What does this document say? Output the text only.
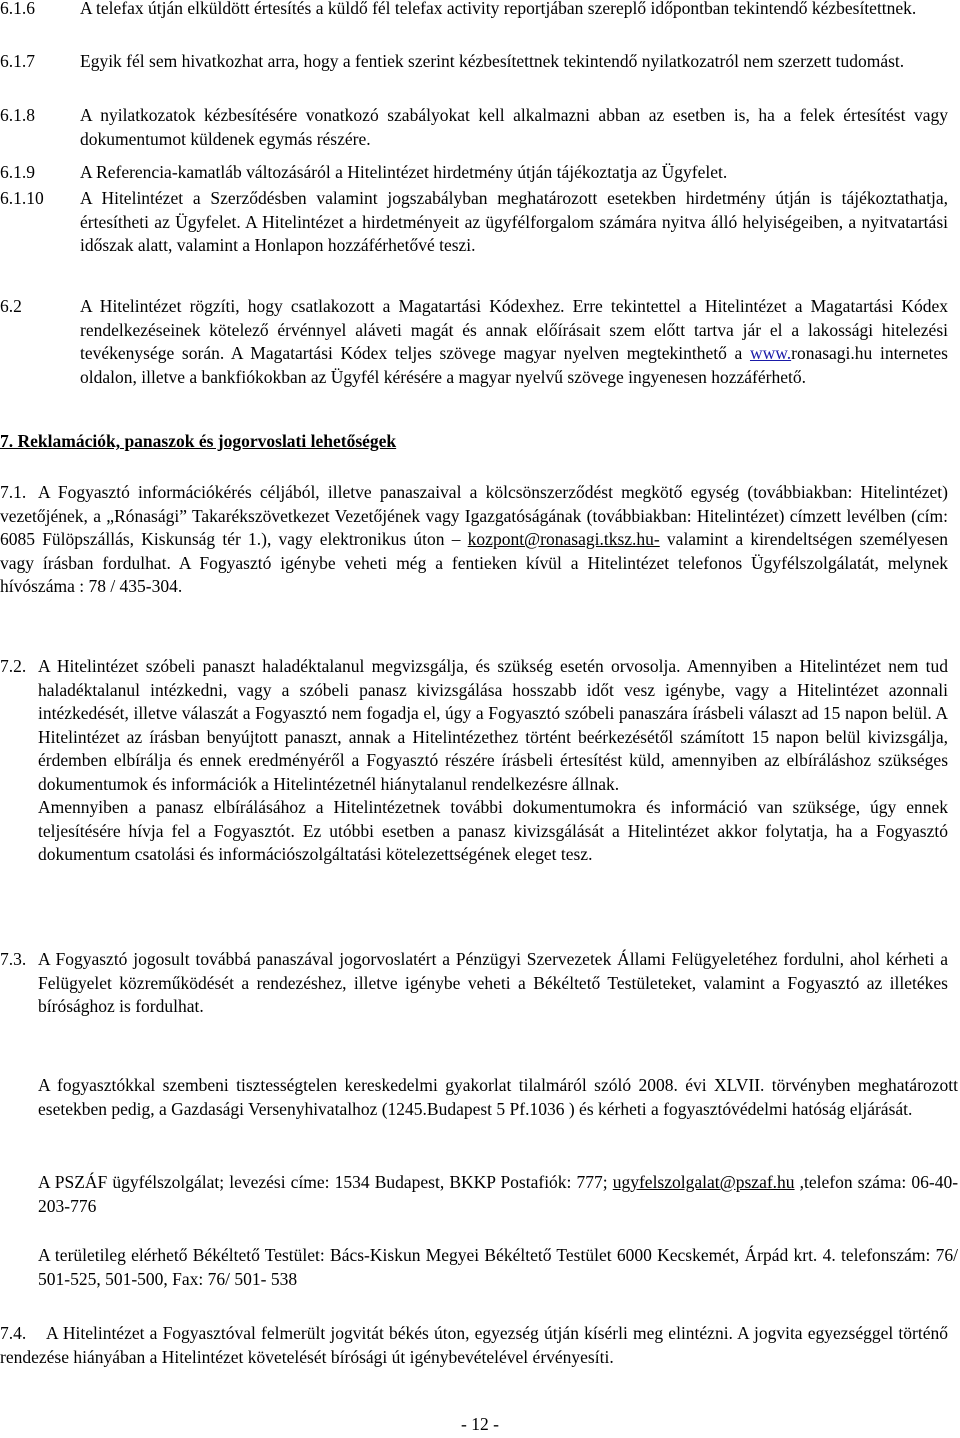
6.1.6	A telefax útján elküldött értesítés a küldő fél telefax activity reportjában szereplő időpontban tekintendő kézbesítettnek.
6.1.7	Egyik fél sem hivatkozhat arra, hogy a fentiek szerint kézbesítettnek tekintendő nyilatkozatról nem szerzett tudomást.
6.1.8	A nyilatkozatok kézbesítésére vonatkozó szabályokat kell alkalmazni abban az esetben is, ha a felek értesítést vagy dokumentumot küldenek egymás részére.
6.1.9	A Referencia-kamatláb változásáról a Hitelintézet hirdetmény útján tájékoztatja az Ügyfelet.
6.1.10 A Hitelintézet a Szerződésben valamint jogszabályban meghatározott esetekben hirdetmény útján is tájékoztathatja, értesítheti az Ügyfelet. A Hitelintézet a hirdetményeit az ügyfélforgalom számára nyitva álló helyiségeiben, a nyitvatartási időszak alatt, valamint a Honlapon hozzáférhetővé teszi.
6.2	A Hitelintézet rögzíti, hogy csatlakozott a Magatartási Kódexhez. Erre tekintettel a Hitelintézet a Magatartási Kódex rendelkezéseinek kötelező érvénnyel aláveti magát és annak előírásait szem előtt tartva jár el a lakossági hitelezési tevékenysége során. A Magatartási Kódex teljes szövege magyar nyelven megtekinthető a www.ronasagi.hu internetes oldalon, illetve a bankfiókokban az Ügyfél kérésére a magyar nyelvű szövege ingyenesen hozzáférhető.
7. Reklamációk, panaszok és jogorvoslati lehetőségek
7.1. A Fogyasztó információkérés céljából, illetve panaszaival a kölcsönszerződést megkötő egység (továbbiakban: Hitelintézet) vezetőjének, a „Rónasági” Takarékszövetkezet Vezetőjének vagy Igazgatóságának (továbbiakban: Hitelintézet) címzett levélben (cím: 6085 Fülöpszállás, Kiskunság tér 1.), vagy elektronikus úton – kozpont@ronasagi.tksz.hu- valamint a kirendeltségen személyesen vagy írásban fordulhat. A Fogyasztó igénybe veheti még a fentieken kívül a Hitelintézet telefonos Ügyfélszolgálatát, melynek hívószáma : 78 / 435-304.
7.2. A Hitelintézet szóbeli panaszt haladéktalanul megvizsgálja, és szükség esetén orvosolja. Amennyiben a Hitelintézet nem tud haladéktalanul intézkedni, vagy a szóbeli panasz kivizsgálása hosszabb időt vesz igénybe, vagy a Hitelintézet azonnali intézkedését, illetve válaszát a Fogyasztó nem fogadja el, úgy a Fogyasztó szóbeli panaszára írásbeli választ ad 15 napon belül. A Hitelintézet az írásban benyújtott panaszt, annak a Hitelintézethez történt beérkezésétől számított 15 napon belül kivizsgálja, érdemben elbírálja és ennek eredményéről a Fogyasztó részére írásbeli értesítést küld, amennyiben az elbíráláshoz szükséges dokumentumok és információk a Hitelintézetnél hiánytalanul rendelkezésre állnak.
Amennyiben a panasz elbírálásához a Hitelintézetnek további dokumentumokra és információ van szüksége, úgy ennek teljesítésére hívja fel a Fogyasztót. Ez utóbbi esetben a panasz kivizsgálását a Hitelintézet akkor folytatja, ha a Fogyasztó dokumentum csatolási és információszolgáltatási kötelezettségének eleget tesz.
7.3. A Fogyasztó jogosult továbbá panaszával jogorvoslatért a Pénzügyi Szervezetek Állami Felügyeletéhez fordulni, ahol kérheti a Felügyelet közreműködését a rendezéshez, illetve igénybe veheti a Békéltető Testületeket, valamint a Fogyasztó az illetékes bírósághoz is fordulhat.
A fogyasztókkal szembeni tisztességtelen kereskedelmi gyakorlat tilalmáról szóló 2008. évi XLVII. törvényben meghatározott esetekben pedig, a Gazdasági Versenyhivatalhoz (1245.Budapest 5 Pf.1036 ) és kérheti a fogyasztóvédelmi hatóság eljárását.
A PSZÁF ügyfélszolgálat; levezési címe: 1534 Budapest, BKKP Postafiók: 777; ugyfelszolgalat@pszaf.hu ,telefon száma: 06-40-203-776
A területileg elérhető Békéltető Testület: Bács-Kiskun Megyei Békéltető Testület 6000 Kecskemét, Árpád krt. 4. telefonszám: 76/ 501-525, 501-500, Fax: 76/ 501- 538
7.4.	A Hitelintézet a Fogyasztóval felmerült jogvitát békés úton, egyezség útján kísérli meg elintézni. A jogvita egyezséggel történő rendezése hiányában a Hitelintézet követelését bírósági út igénybevételével érvényesíti.
- 12 -
